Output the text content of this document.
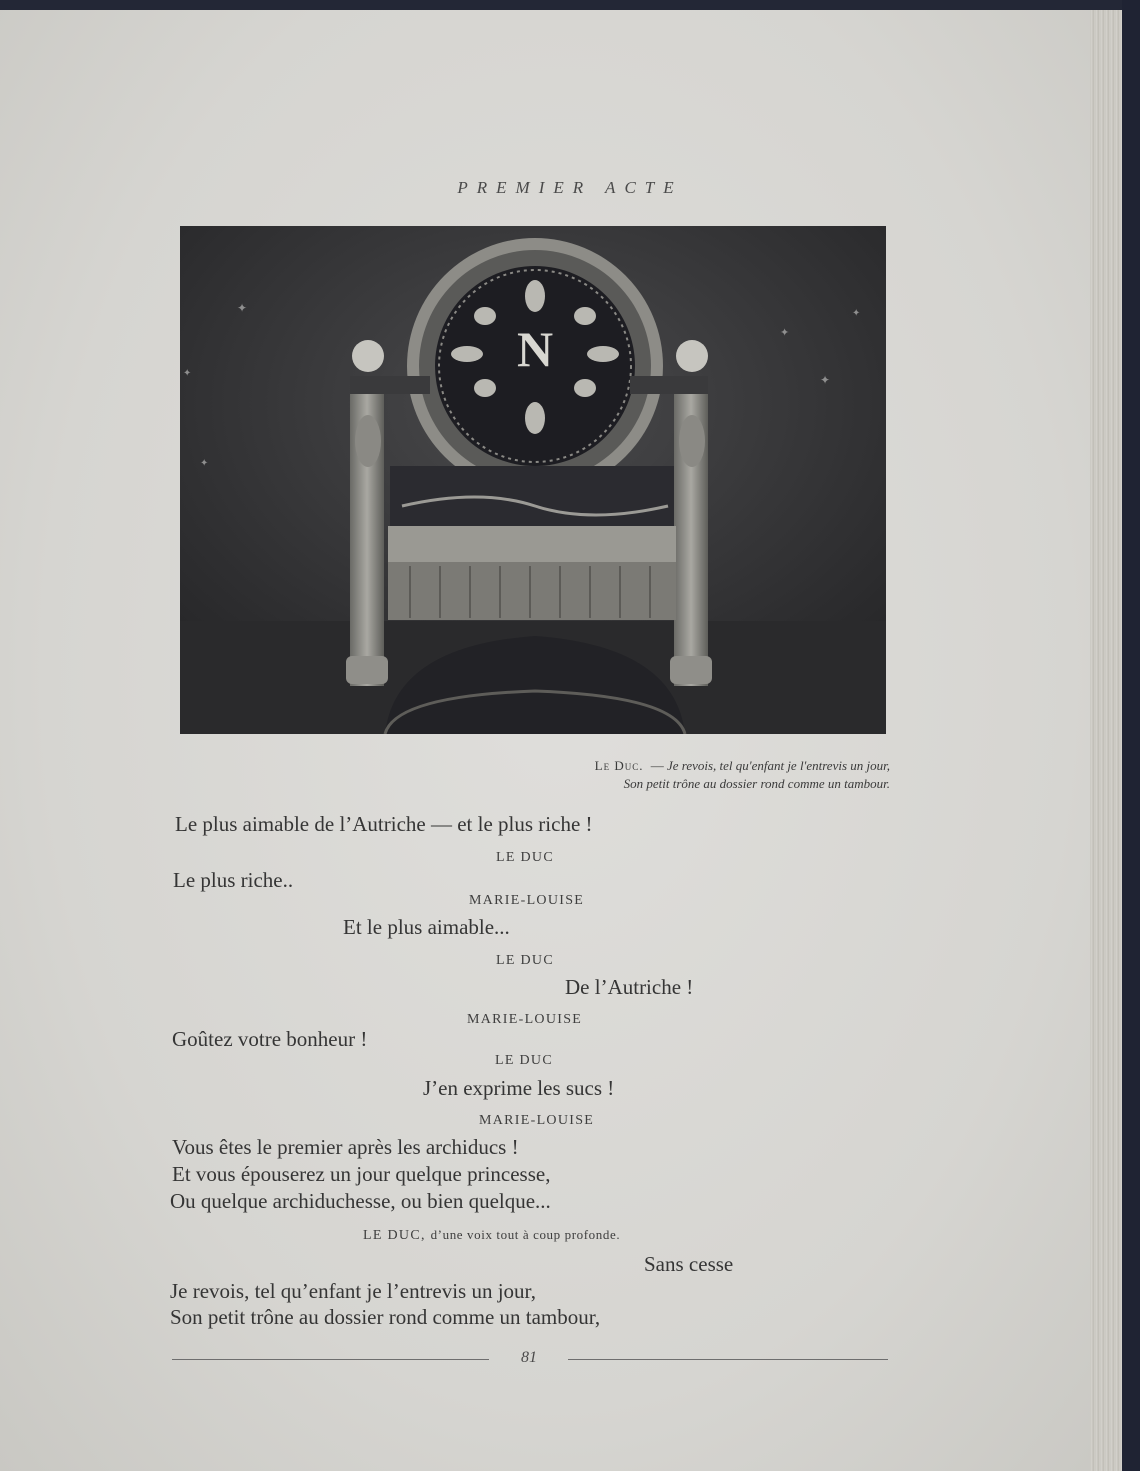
PREMIER ACTE
✦
✦
✦
✦
✦
✦
N
Le Duc. — Je revois, tel qu'enfant je l'entrevis un jour,
Son petit trône au dossier rond comme un tambour.
Le plus aimable de l’Autriche — et le plus riche !
LE DUC
Le plus riche..
MARIE-LOUISE
Et le plus aimable...
LE DUC
De l’Autriche !
MARIE-LOUISE
Goûtez votre bonheur !
LE DUC
J’en exprime les sucs !
MARIE-LOUISE
Vous êtes le premier après les archiducs !
Et vous épouserez un jour quelque princesse,
Ou quelque archiduchesse, ou bien quelque...
LE DUC, d’une voix tout à coup profonde.
Sans cesse
Je revois, tel qu’enfant je l’entrevis un jour,
Son petit trône au dossier rond comme un tambour,
81
